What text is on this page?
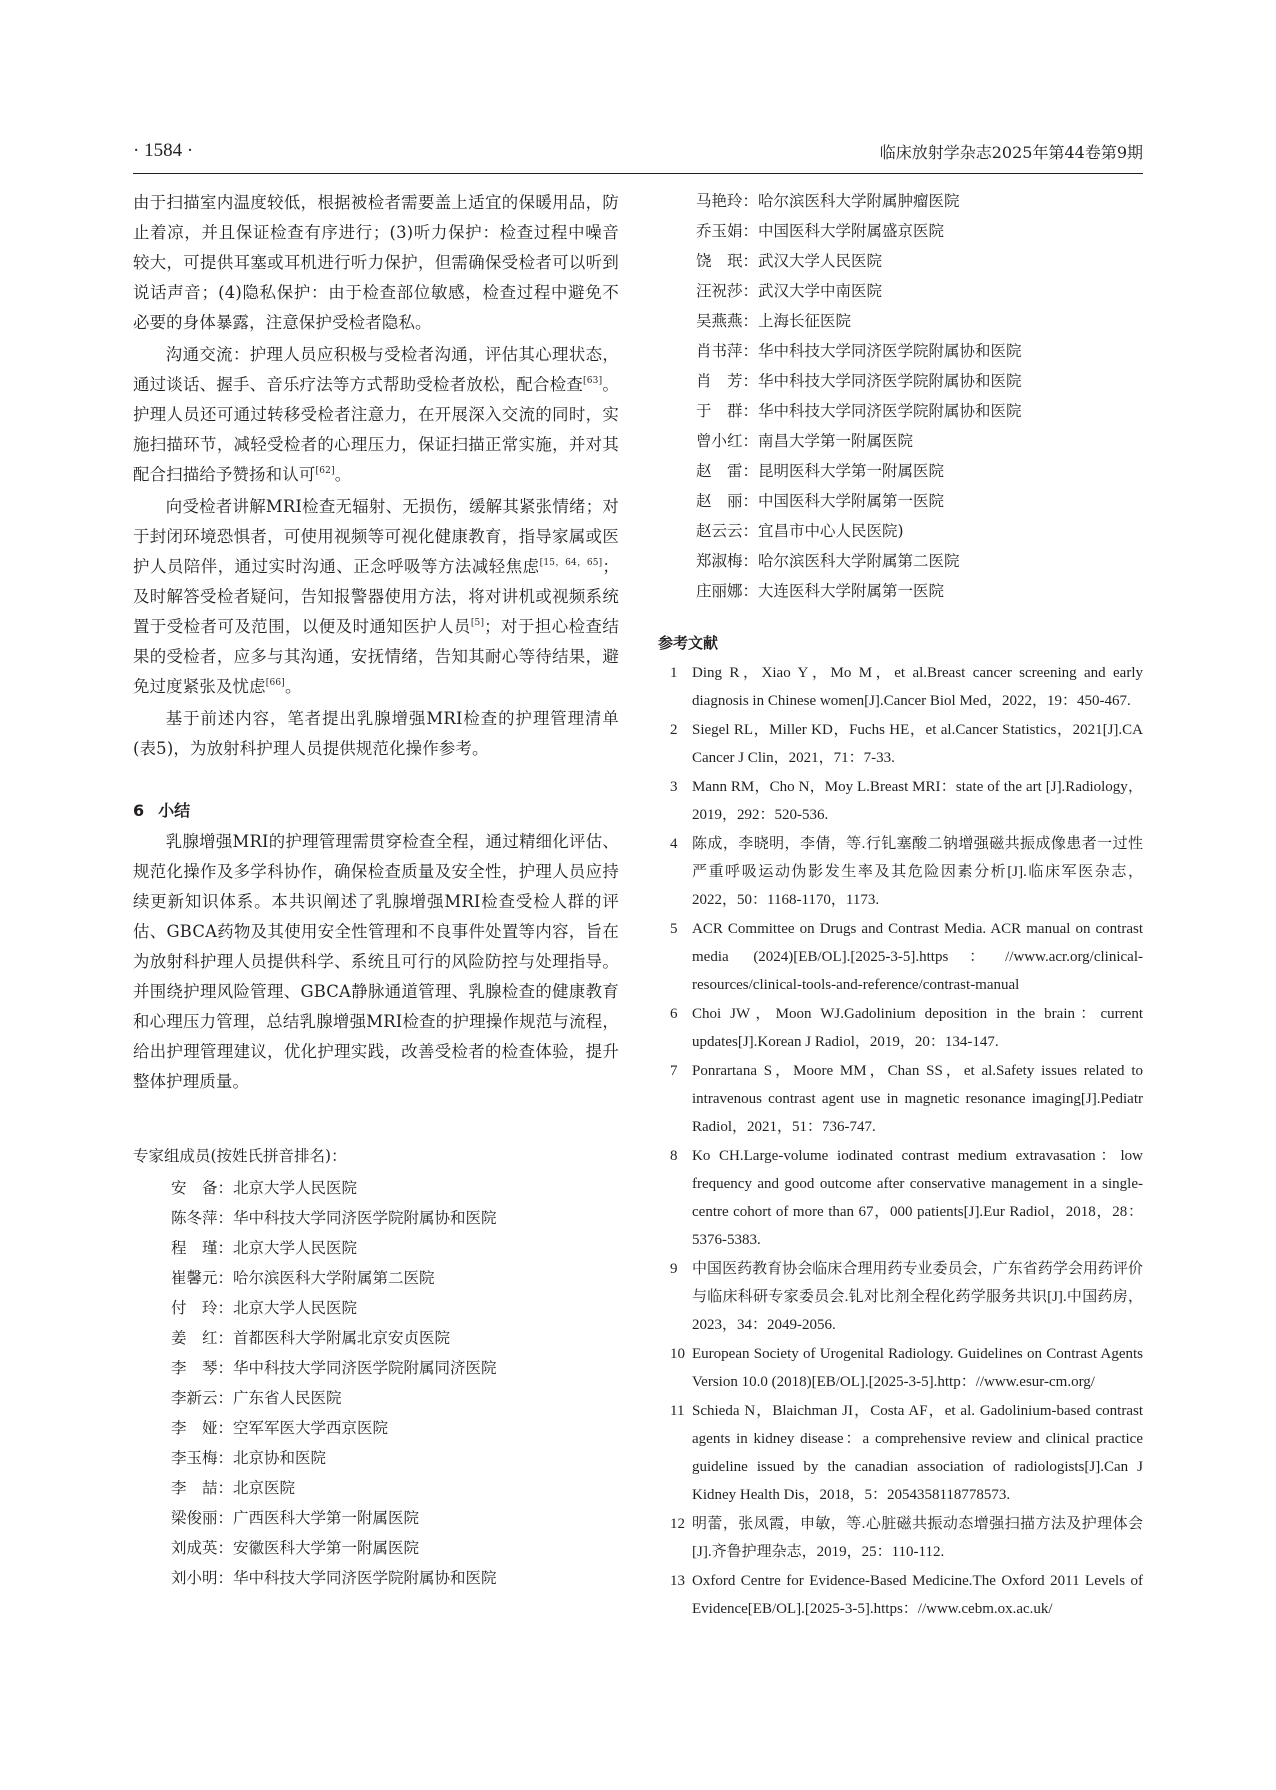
· 1584 ·	临床放射学杂志2025年第44卷第9期

由于扫描室内温度较低，根据被检者需要盖上适宜的保暖用品，防止着凉，并且保证检查有序进行；(3)听力保护：检查过程中噪音较大，可提供耳塞或耳机进行听力保护，但需确保受检者可以听到说话声音；(4)隐私保护：由于检查部位敏感，检查过程中避免不必要的身体暴露，注意保护受检者隐私。

沟通交流：护理人员应积极与受检者沟通，评估其心理状态，通过谈话、握手、音乐疗法等方式帮助受检者放松，配合检查[63]。护理人员还可通过转移受检者注意力，在开展深入交流的同时，实施扫描环节，减轻受检者的心理压力，保证扫描正常实施，并对其配合扫描给予赞扬和认可[62]。

向受检者讲解MRI检查无辐射、无损伤，缓解其紧张情绪；对于封闭环境恐惧者，可使用视频等可视化健康教育，指导家属或医护人员陪伴，通过实时沟通、正念呼吸等方法减轻焦虑[15，64，65]；及时解答受检者疑问，告知报警器使用方法，将对讲机或视频系统置于受检者可及范围，以便及时通知医护人员[5]；对于担心检查结果的受检者，应多与其沟通，安抚情绪，告知其耐心等待结果，避免过度紧张及忧虑[66]。

基于前述内容，笔者提出乳腺增强MRI检查的护理管理清单(表5)，为放射科护理人员提供规范化操作参考。

6 小结

乳腺增强MRI的护理管理需贯穿检查全程，通过精细化评估、规范化操作及多学科协作，确保检查质量及安全性，护理人员应持续更新知识体系。本共识阐述了乳腺增强MRI检查受检人群的评估、GBCA药物及其使用安全性管理和不良事件处置等内容，旨在为放射科护理人员提供科学、系统且可行的风险防控与处理指导。并围绕护理风险管理、GBCA静脉通道管理、乳腺检查的健康教育和心理压力管理，总结乳腺增强MRI检查的护理操作规范与流程，给出护理管理建议，优化护理实践，改善受检者的检查体验，提升整体护理质量。

专家组成员(按姓氏拼音排名)：
安　备：北京大学人民医院
陈冬萍：华中科技大学同济医学院附属协和医院
程　瑾：北京大学人民医院
崔馨元：哈尔滨医科大学附属第二医院
付　玲：北京大学人民医院
姜　红：首都医科大学附属北京安贞医院
李　琴：华中科技大学同济医学院附属同济医院
李新云：广东省人民医院
李　娅：空军军医大学西京医院
李玉梅：北京协和医院
李　喆：北京医院
梁俊丽：广西医科大学第一附属医院
刘成英：安徽医科大学第一附属医院
刘小明：华中科技大学同济医学院附属协和医院
马艳玲：哈尔滨医科大学附属肿瘤医院
乔玉娟：中国医科大学附属盛京医院
饶　珉：武汉大学人民医院
汪祝莎：武汉大学中南医院
吴燕燕：上海长征医院
肖书萍：华中科技大学同济医学院附属协和医院
肖　芳：华中科技大学同济医学院附属协和医院
于　群：华中科技大学同济医学院附属协和医院
曾小红：南昌大学第一附属医院
赵　雷：昆明医科大学第一附属医院
赵　丽：中国医科大学附属第一医院
赵云云：宜昌市中心人民医院)
郑淑梅：哈尔滨医科大学附属第二医院
庄丽娜：大连医科大学附属第一医院
参考文献
1 Ding R，Xiao Y，Mo M，et al.Breast cancer screening and early diagnosis in Chinese women[J].Cancer Biol Med，2022，19：450-467.
2 Siegel RL，Miller KD，Fuchs HE，et al.Cancer Statistics，2021[J].CA Cancer J Clin，2021，71：7-33.
3 Mann RM，Cho N，Moy L.Breast MRI：state of the art [J].Radiology，2019，292：520-536.
4 陈成，李晓明，李倩，等.行钆塞酸二钠增强磁共振成像患者一过性严重呼吸运动伪影发生率及其危险因素分析[J].临床军医杂志，2022，50：1168-1170，1173.
5 ACR Committee on Drugs and Contrast Media. ACR manual on contrast media (2024)[EB/OL].[2025-3-5].https：//www.acr.org/clinical-resources/clinical-tools-and-reference/contrast-manual
6 Choi JW，Moon WJ.Gadolinium deposition in the brain：current updates[J].Korean J Radiol，2019，20：134-147.
7 Ponrartana S，Moore MM，Chan SS，et al.Safety issues related to intravenous contrast agent use in magnetic resonance imaging[J].Pediatr Radiol，2021，51：736-747.
8 Ko CH.Large-volume iodinated contrast medium extravasation：low frequency and good outcome after conservative management in a single-centre cohort of more than 67，000 patients[J].Eur Radiol，2018，28：5376-5383.
9 中国医药教育协会临床合理用药专业委员会，广东省药学会用药评价与临床科研专家委员会.钆对比剂全程化药学服务共识[J].中国药房，2023，34：2049-2056.
10 European Society of Urogenital Radiology. Guidelines on Contrast Agents Version 10.0 (2018)[EB/OL].[2025-3-5].http：//www.esur-cm.org/
11 Schieda N，Blaichman JI，Costa AF，et al. Gadolinium-based contrast agents in kidney disease：a comprehensive review and clinical practice guideline issued by the canadian association of radiologists[J].Can J Kidney Health Dis，2018，5：2054358118778573.
12 明蕾，张凤霞，申敏，等.心脏磁共振动态增强扫描方法及护理体会[J].齐鲁护理杂志，2019，25：110-112.
13 Oxford Centre for Evidence-Based Medicine.The Oxford 2011 Levels of Evidence[EB/OL].[2025-3-5].https：//www.cebm.ox.ac.uk/
